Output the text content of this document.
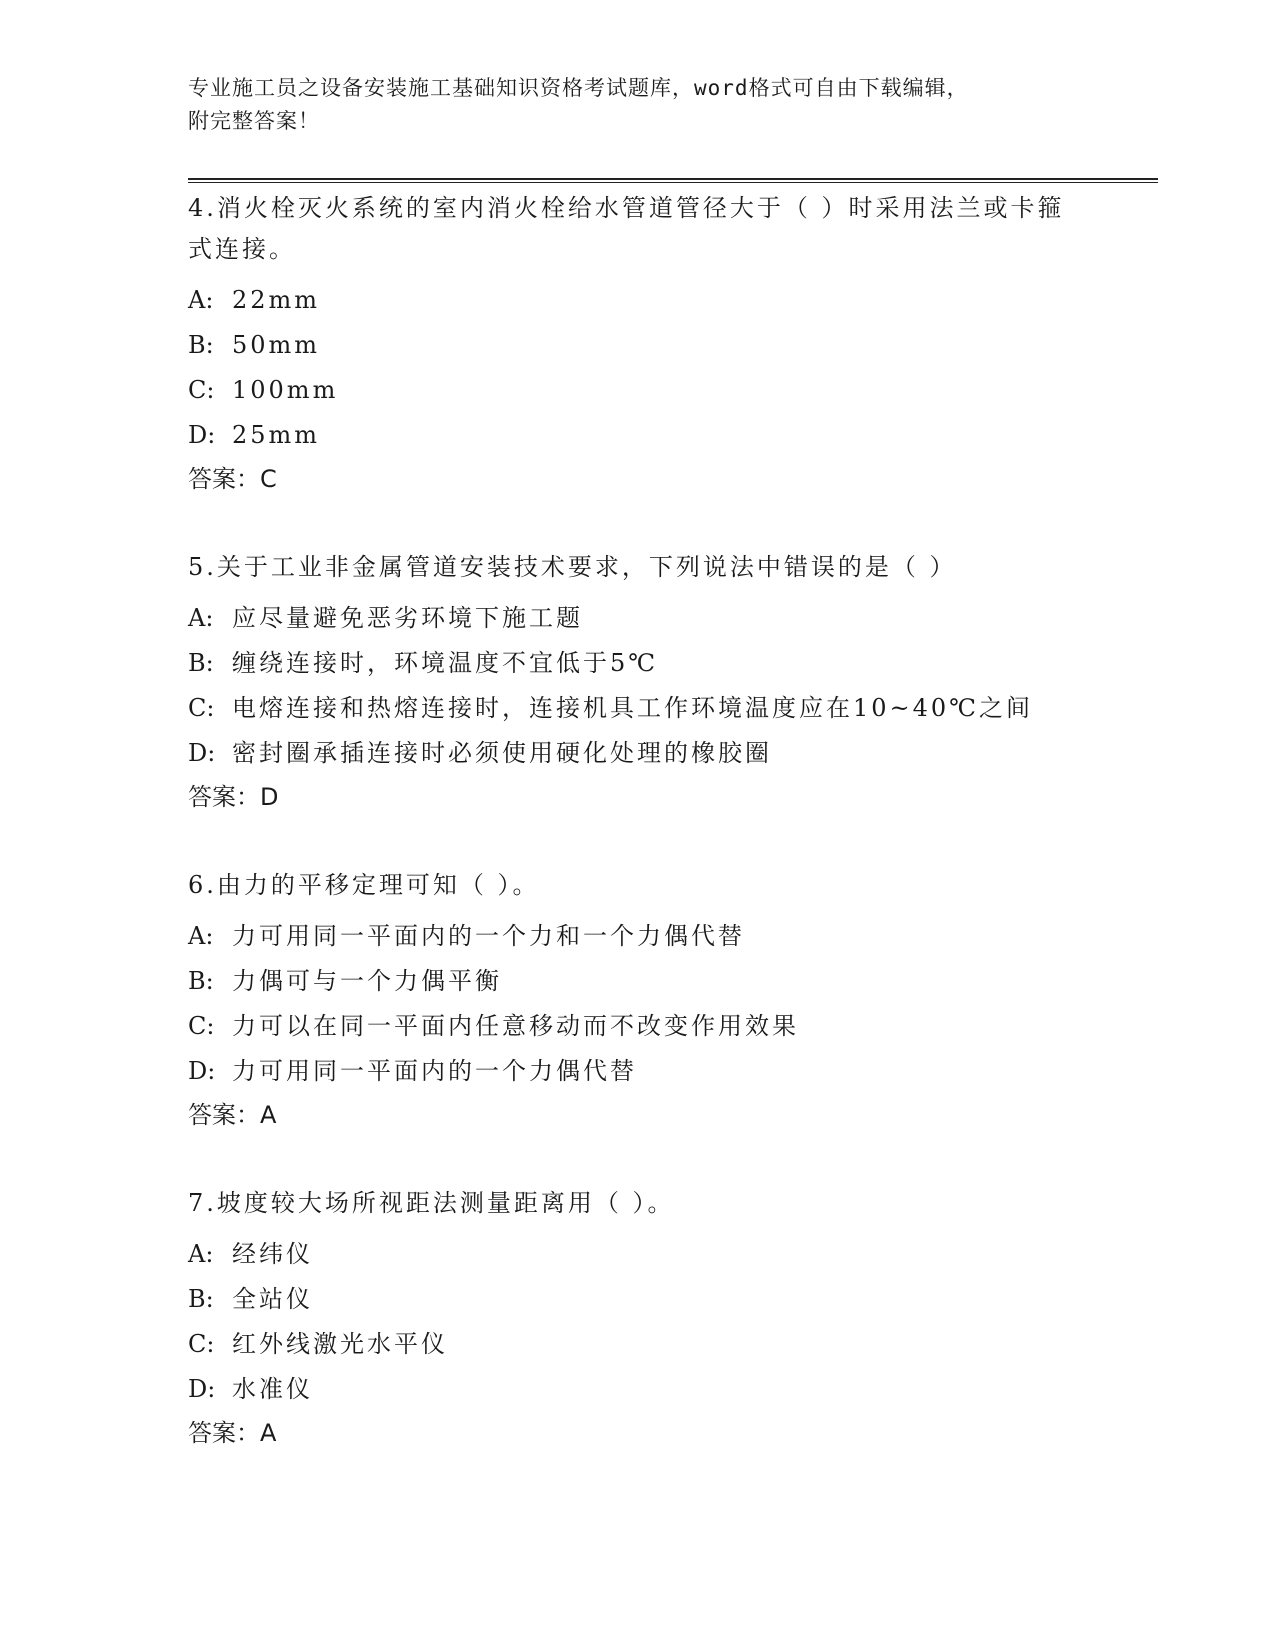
专业施工员之设备安装施工基础知识资格考试题库，word格式可自由下载编辑，
附完整答案！
4.消火栓灭火系统的室内消火栓给水管道管径大于（ ）时采用法兰或卡箍式连接。
A: 22mm
B: 50mm
C: 100mm
D: 25mm
答案：C
5.关于工业非金属管道安装技术要求，下列说法中错误的是（ ）
A: 应尽量避免恶劣环境下施工题
B: 缠绕连接时，环境温度不宜低于5℃
C: 电熔连接和热熔连接时，连接机具工作环境温度应在10~40℃之间
D: 密封圈承插连接时必须使用硬化处理的橡胶圈
答案：D
6.由力的平移定理可知（ ）。
A: 力可用同一平面内的一个力和一个力偶代替
B: 力偶可与一个力偶平衡
C: 力可以在同一平面内任意移动而不改变作用效果
D: 力可用同一平面内的一个力偶代替
答案：A
7.坡度较大场所视距法测量距离用（ ）。
A: 经纬仪
B: 全站仪
C: 红外线激光水平仪
D: 水准仪
答案：A
